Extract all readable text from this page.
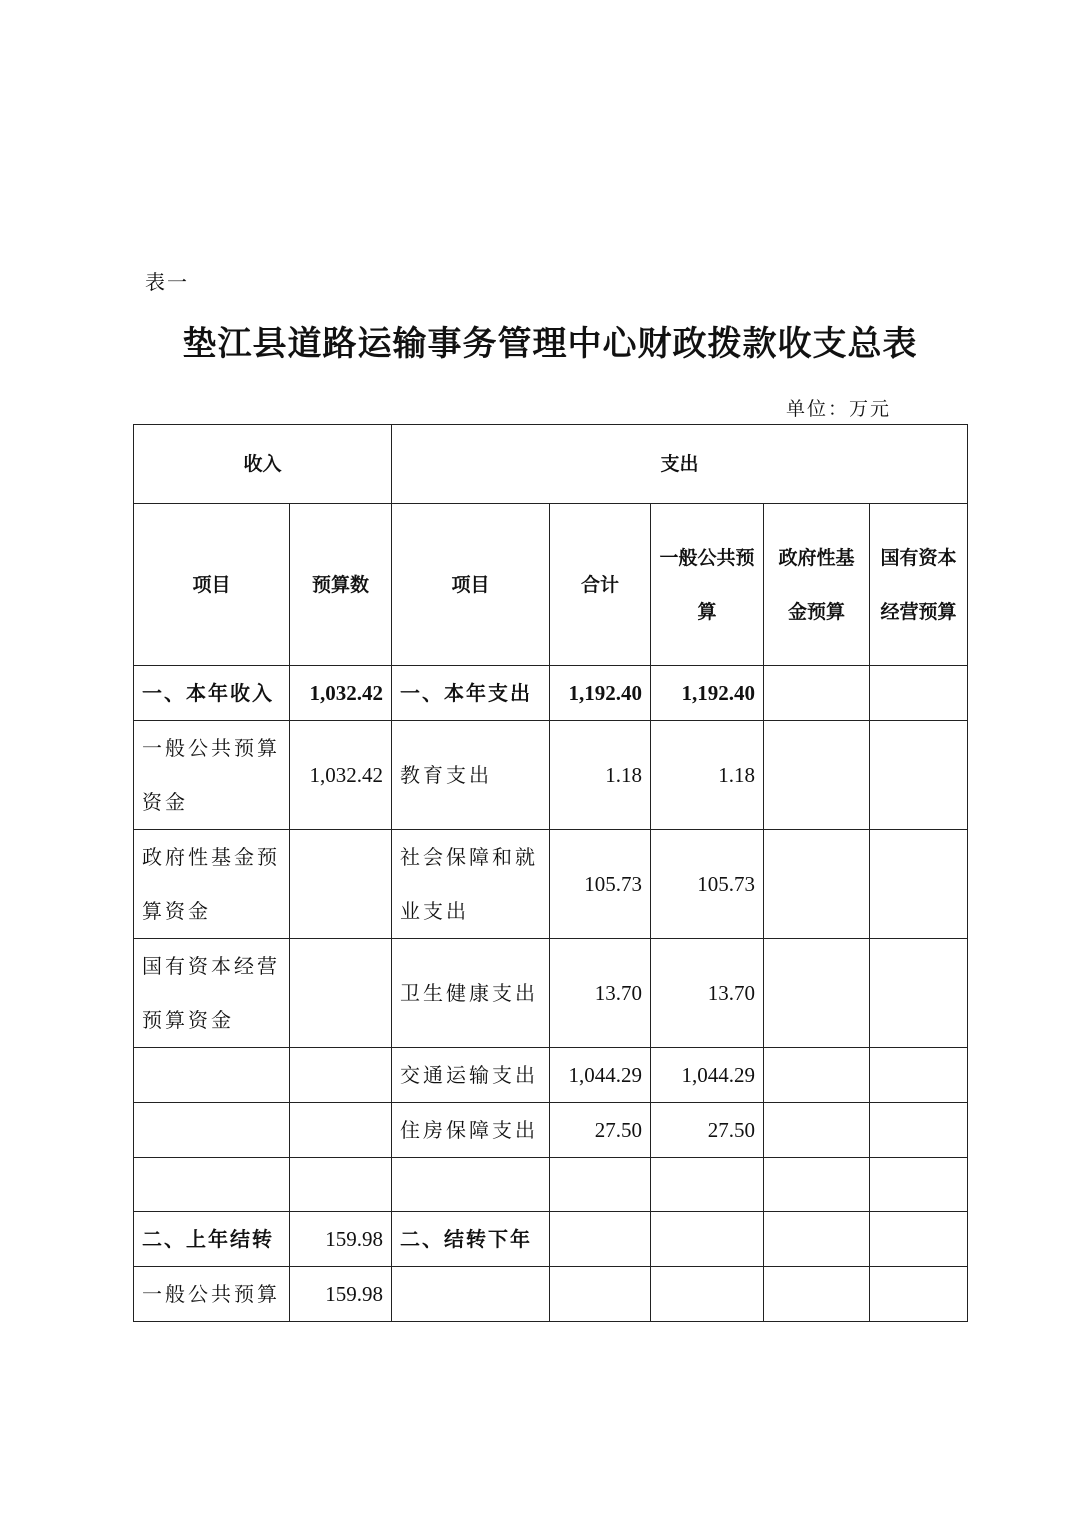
表一
垫江县道路运输事务管理中心财政拨款收支总表
单位：万元
收入		支出				
项目	预算数	项目	合计	一般公共预算	政府性基金预算	国有资本经营预算
一、本年收入	1,032.42	一、本年支出	1,192.40	1,192.40		
一般公共预算资金	1,032.42	教育支出	1.18	1.18		
政府性基金预算资金		社会保障和就业支出	105.73	105.73		
国有资本经营预算资金		卫生健康支出	13.70	13.70		
		交通运输支出	1,044.29	1,044.29		
		住房保障支出	27.50	27.50		

二、上年结转	159.98	二、结转下年				
一般公共预算	159.98					
